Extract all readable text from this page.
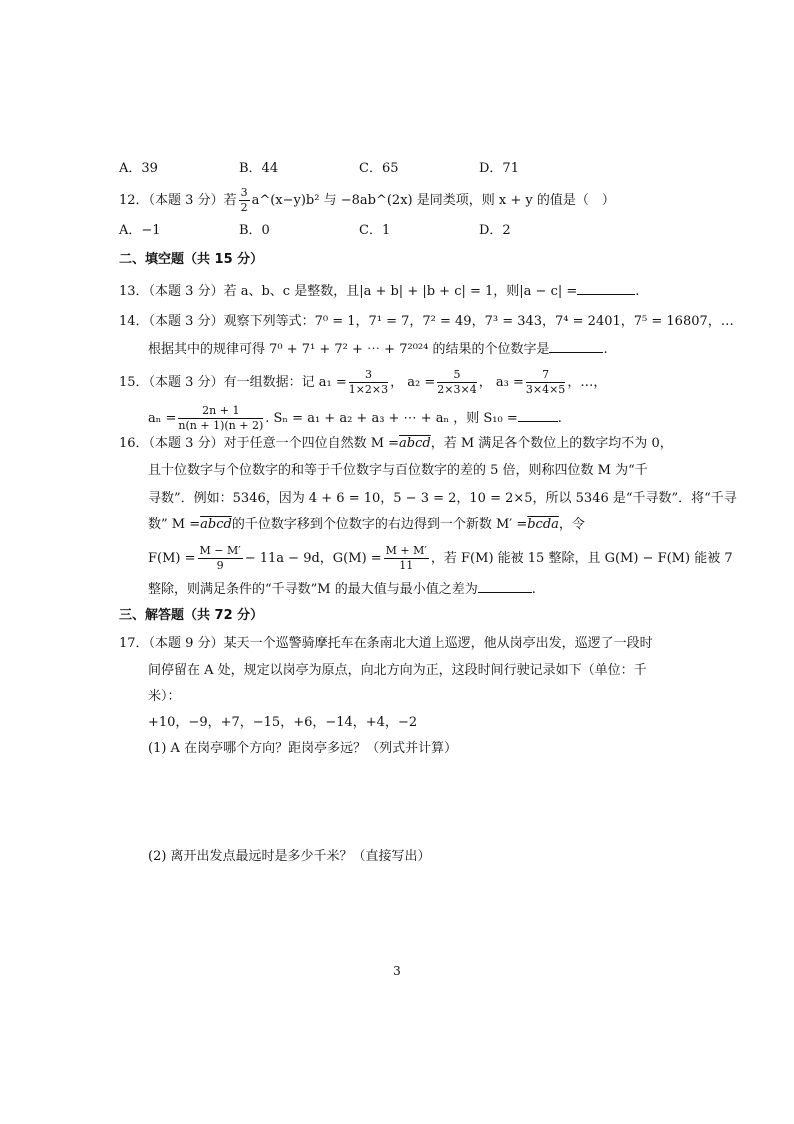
A．39	B．44	C．65	D．71
12．（本题 3 分）若 $\frac{3}{2}$ a^(x−y)b² 与 −8ab^(2x) 是同类项，则 x + y 的值是（　）
A．−1	B．0	C．1	D．2
二、填空题（共 15 分）
13．（本题 3 分）若 a、b、c 是整数，且|a + b| + |b + c| = 1，则|a − c| =	.
14．（本题 3 分）观察下列等式：7⁰ = 1，7¹ = 7，7² = 49，7³ = 343，7⁴ = 2401，7⁵ = 16807，…
根据其中的规律可得 7⁰ + 7¹ + 7² + ⋯ + 7²⁰²⁴ 的结果的个位数字是	.
15．（本题 3 分）有一组数据：记 $a_1 = \frac{3}{1\times 2\times 3}$ ， $a_2 = \frac{5}{2\times 3\times 4}$ ， $a_3 = \frac{7}{3\times 4\times 5}$ ，…，
$a_n = \frac{2n + 1}{n(n + 1)(n + 2)}$ . Sₙ = a₁ + a₂ + a₃ + ⋯ + aₙ ，则 S₁₀ =	.
16．（本题 3 分）对于任意一个四位自然数 M =abcd，若 M 满足各个数位上的数字均不为 0，
且十位数字与个位数字的和等于千位数字与百位数字的差的 5 倍，则称四位数 M 为“千
寻数”．例如：5346，因为 4 + 6 = 10，5 − 3 = 2，10 = 2×5，所以 5346 是“千寻数”．将“千寻
数” M =abcd的千位数字移到个位数字的右边得到一个新数 M′ =bcda，令
$F(M) = \frac{M - M'}{9} - 11a - 9d$，$G(M) = \frac{M + M'}{11}$ ，若 F(M) 能被 15 整除，且 G(M) − F(M) 能被 7
整除，则满足条件的“千寻数”M 的最大值与最小值之差为	.
三、解答题（共 72 分）
17．（本题 9 分）某天一个巡警骑摩托车在条南北大道上巡逻，他从岗亭出发，巡逻了一段时
间停留在 A 处，规定以岗亭为原点，向北方向为正，这段时间行驶记录如下（单位：千
米）：
+10，−9，+7，−15，+6，−14，+4，−2
(1) A 在岗亭哪个方向？距岗亭多远？（列式并计算）
(2) 离开出发点最远时是多少千米？（直接写出）
3
